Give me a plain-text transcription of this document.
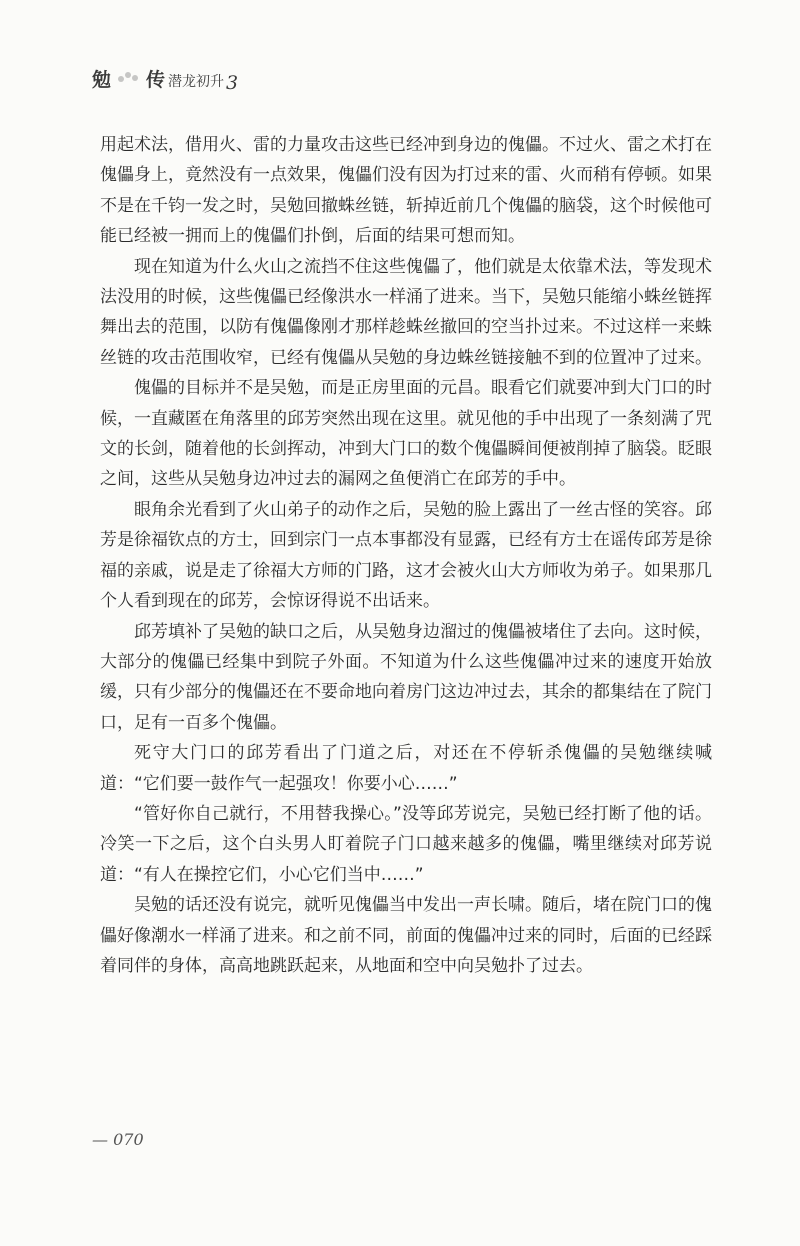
勉 传 潜龙初升 3

用起术法，借用火、雷的力量攻击这些已经冲到身边的傀儡。不过火、雷之术打在傀儡身上，竟然没有一点效果，傀儡们没有因为打过来的雷、火而稍有停顿。如果不是在千钧一发之时，吴勉回撤蛛丝链，斩掉近前几个傀儡的脑袋，这个时候他可能已经被一拥而上的傀儡们扑倒，后面的结果可想而知。

现在知道为什么火山之流挡不住这些傀儡了，他们就是太依靠术法，等发现术法没用的时候，这些傀儡已经像洪水一样涌了进来。当下，吴勉只能缩小蛛丝链挥舞出去的范围，以防有傀儡像刚才那样趁蛛丝撤回的空当扑过来。不过这样一来蛛丝链的攻击范围收窄，已经有傀儡从吴勉的身边蛛丝链接触不到的位置冲了过来。

傀儡的目标并不是吴勉，而是正房里面的元昌。眼看它们就要冲到大门口的时候，一直藏匿在角落里的邱芳突然出现在这里。就见他的手中出现了一条刻满了咒文的长剑，随着他的长剑挥动，冲到大门口的数个傀儡瞬间便被削掉了脑袋。眨眼之间，这些从吴勉身边冲过去的漏网之鱼便消亡在邱芳的手中。

眼角余光看到了火山弟子的动作之后，吴勉的脸上露出了一丝古怪的笑容。邱芳是徐福钦点的方士，回到宗门一点本事都没有显露，已经有方士在谣传邱芳是徐福的亲戚，说是走了徐福大方师的门路，这才会被火山大方师收为弟子。如果那几个人看到现在的邱芳，会惊讶得说不出话来。

邱芳填补了吴勉的缺口之后，从吴勉身边溜过的傀儡被堵住了去向。这时候，大部分的傀儡已经集中到院子外面。不知道为什么这些傀儡冲过来的速度开始放缓，只有少部分的傀儡还在不要命地向着房门这边冲过去，其余的都集结在了院门口，足有一百多个傀儡。

死守大门口的邱芳看出了门道之后，对还在不停斩杀傀儡的吴勉继续喊道：“它们要一鼓作气一起强攻！你要小心……”

“管好你自己就行，不用替我操心。”没等邱芳说完，吴勉已经打断了他的话。冷笑一下之后，这个白头男人盯着院子门口越来越多的傀儡，嘴里继续对邱芳说道：“有人在操控它们，小心它们当中……”

吴勉的话还没有说完，就听见傀儡当中发出一声长啸。随后，堵在院门口的傀儡好像潮水一样涌了进来。和之前不同，前面的傀儡冲过来的同时，后面的已经踩着同伴的身体，高高地跳跃起来，从地面和空中向吴勉扑了过去。

— 070
